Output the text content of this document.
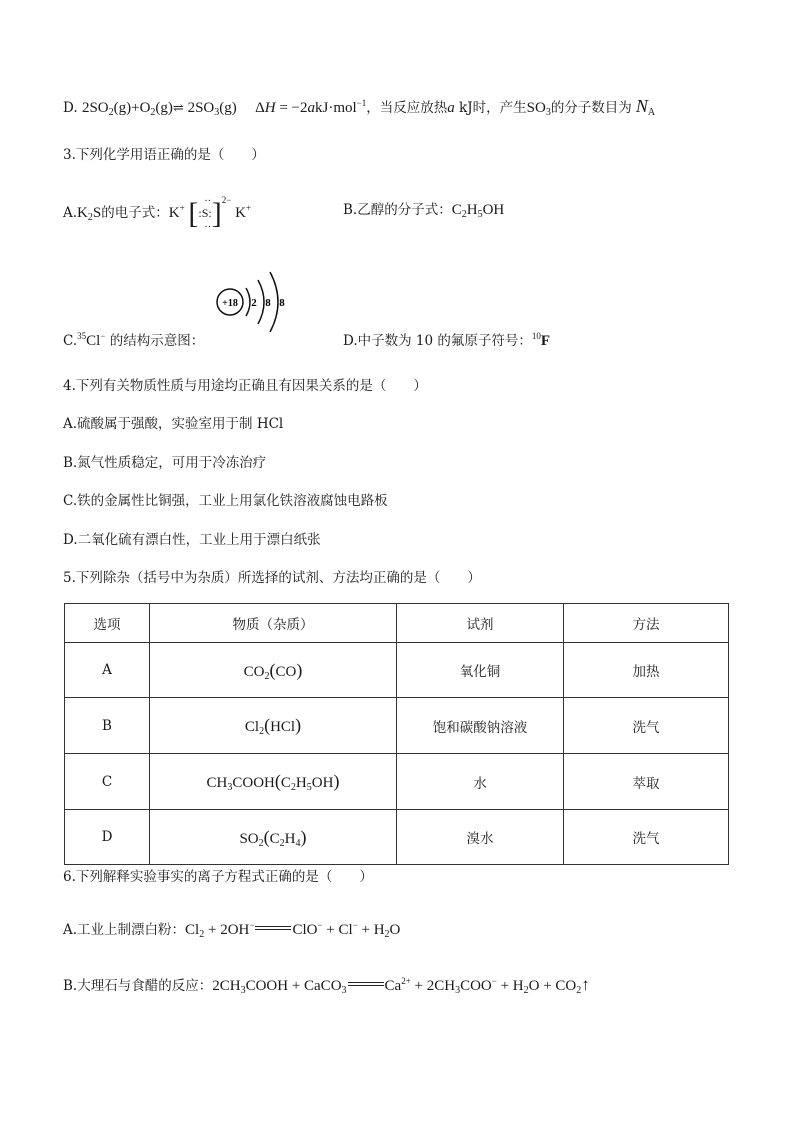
D. $2SO_2(g)+O_2(g)\rightleftharpoons$ $2SO_3(g) \Delta H = -2akJ\cdot mol^{-1}$，当反应放热a kJ时，产生$SO_3$的分子数目为 $N_A$
3.下列化学用语正确的是（　　）
$A.K_2S$的电子式：K+ [ ··
:S:
·· ]$^{2-}$ K+	B.乙醇的分子式：$C_2H_5OH$
+18 2 8 8
C.$^{35}$Cl− 的结构示意图：	D.中子数为 10 的氟原子符号：$^{10}$F
4.下列有关物质性质与用途均正确且有因果关系的是（　　）
A.硫酸属于强酸，实验室用于制 HCl
B.氮气性质稳定，可用于冷冻治疗
C.铁的金属性比铜强，工业上用氯化铁溶液腐蚀电路板
D.二氧化硫有漂白性，工业上用于漂白纸张
5.下列除杂（括号中为杂质）所选择的试剂、方法均正确的是（　　）
选项	物质（杂质）	试剂	方法
A	$CO_2(CO)$	氧化铜	加热
B	$Cl_2(HCl)$	饱和碳酸钠溶液	洗气
C	$CH_3COOH(C_2H_5OH)$	水	萃取
D	$SO_2(C_2H_4)$	溴水	洗气
6.下列解释实验事实的离子方程式正确的是（　　）
A.工业上制漂白粉：$Cl_2 + 2OH^-$	$ClO^- + Cl^- + H_2O$
B.大理石与食醋的反应：$2CH_3COOH$ + CaCO$_3$	$Ca^{2+} + 2CH_3COO^- + H_2O$ + $CO_2↑$
